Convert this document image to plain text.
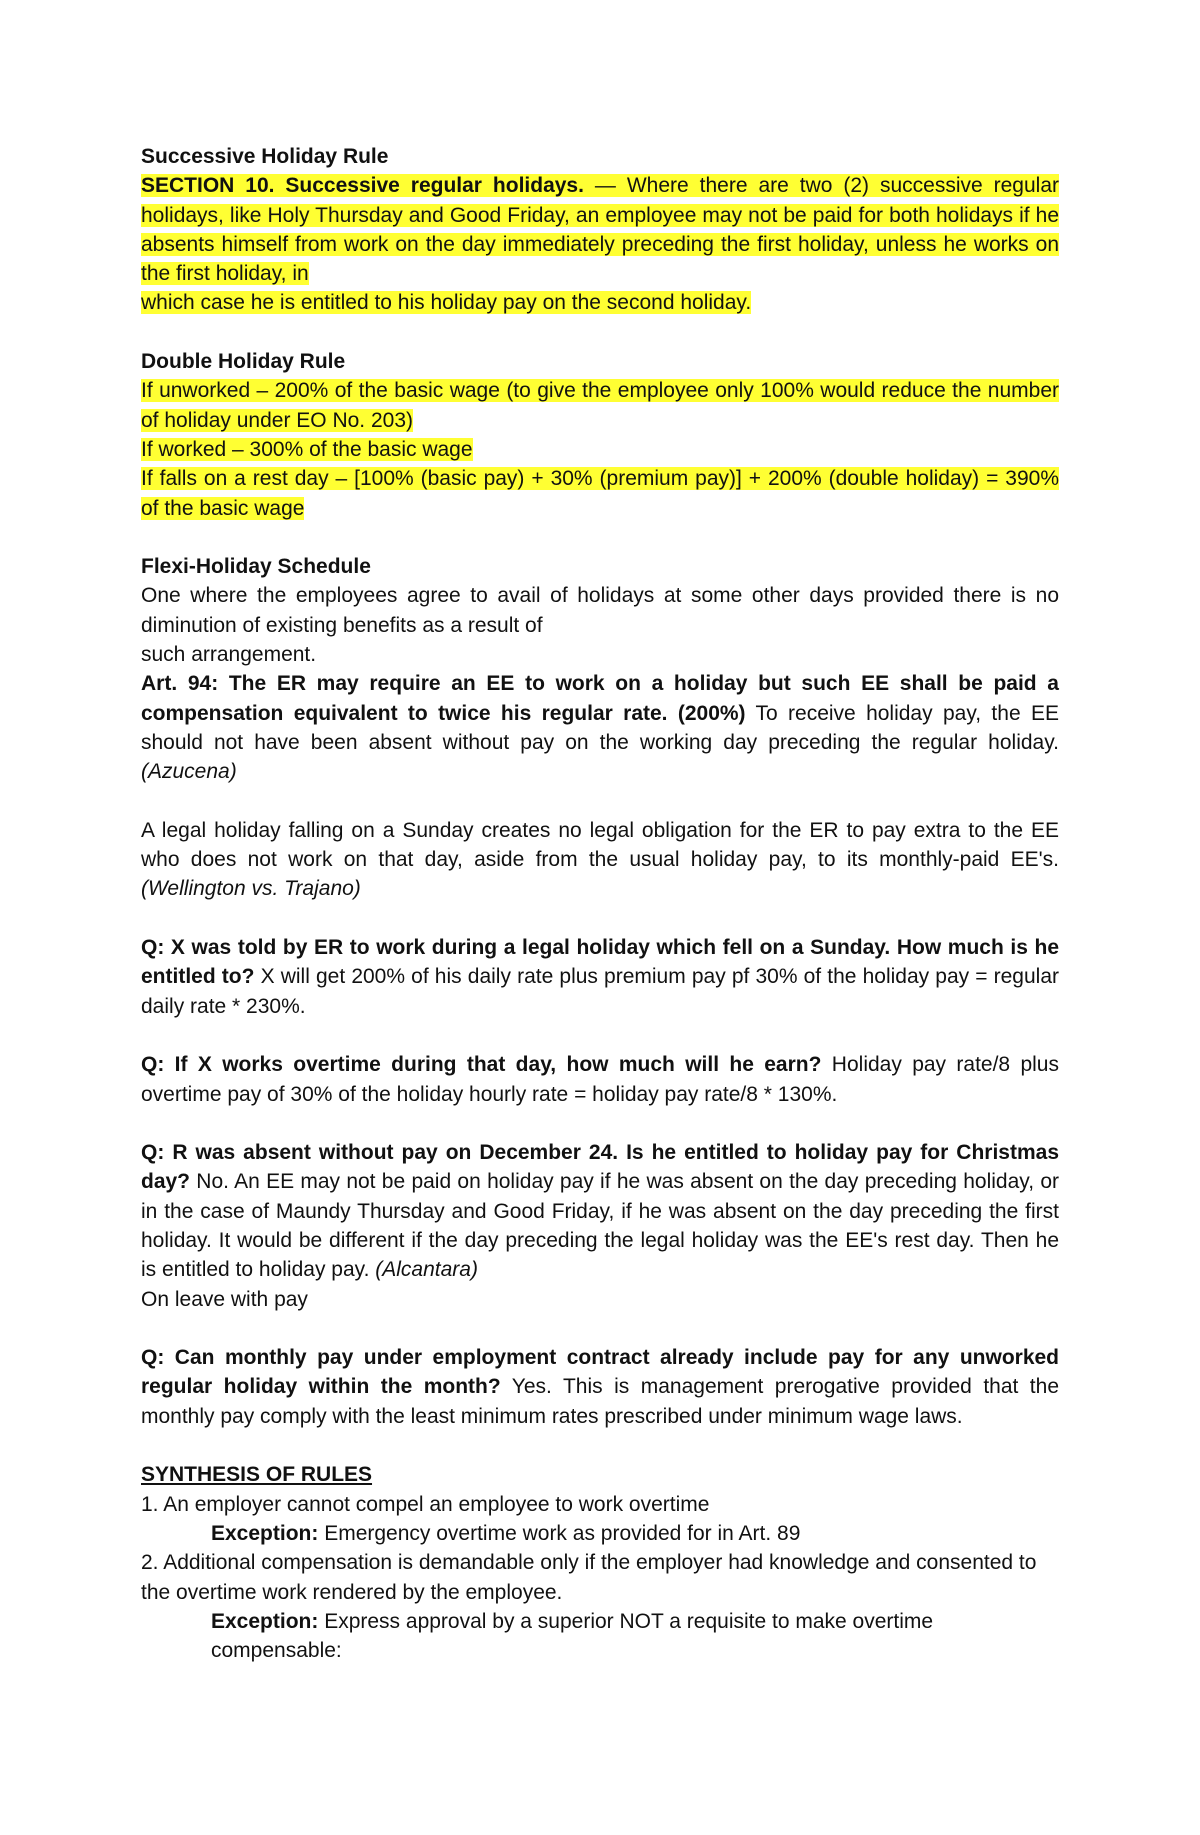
Successive Holiday Rule

SECTION 10. Successive regular holidays. — Where there are two (2) successive regular holidays, like Holy Thursday and Good Friday, an employee may not be paid for both holidays if he absents himself from work on the day immediately preceding the first holiday, unless he works on the first holiday, in

which case he is entitled to his holiday pay on the second holiday.

Double Holiday Rule

If unworked – 200% of the basic wage (to give the employee only 100% would reduce the number of holiday under EO No. 203)

If worked – 300% of the basic wage

If falls on a rest day – [100% (basic pay) + 30% (premium pay)] + 200% (double holiday) = 390% of the basic wage

Flexi-Holiday Schedule

One where the employees agree to avail of holidays at some other days provided there is no diminution of existing benefits as a result of

such arrangement.

Art. 94: The ER may require an EE to work on a holiday but such EE shall be paid a compensation equivalent to twice his regular rate. (200%) To receive holiday pay, the EE should not have been absent without pay on the working day preceding the regular holiday. (Azucena)

A legal holiday falling on a Sunday creates no legal obligation for the ER to pay extra to the EE who does not work on that day, aside from the usual holiday pay, to its monthly-paid EE's. (Wellington vs. Trajano)

Q: X was told by ER to work during a legal holiday which fell on a Sunday. How much is he entitled to? X will get 200% of his daily rate plus premium pay pf 30% of the holiday pay = regular daily rate * 230%.

Q: If X works overtime during that day, how much will he earn? Holiday pay rate/8 plus overtime pay of 30% of the holiday hourly rate = holiday pay rate/8 * 130%.

Q: R was absent without pay on December 24. Is he entitled to holiday pay for Christmas day? No. An EE may not be paid on holiday pay if he was absent on the day preceding holiday, or in the case of Maundy Thursday and Good Friday, if he was absent on the day preceding the first holiday. It would be different if the day preceding the legal holiday was the EE's rest day. Then he is entitled to holiday pay. (Alcantara)

On leave with pay

Q: Can monthly pay under employment contract already include pay for any unworked regular holiday within the month? Yes. This is management prerogative provided that the monthly pay comply with the least minimum rates prescribed under minimum wage laws.

SYNTHESIS OF RULES

1. An employer cannot compel an employee to work overtime

Exception: Emergency overtime work as provided for in Art. 89

2. Additional compensation is demandable only if the employer had knowledge and consented to the overtime work rendered by the employee.

Exception: Express approval by a superior NOT a requisite to make overtime compensable:
